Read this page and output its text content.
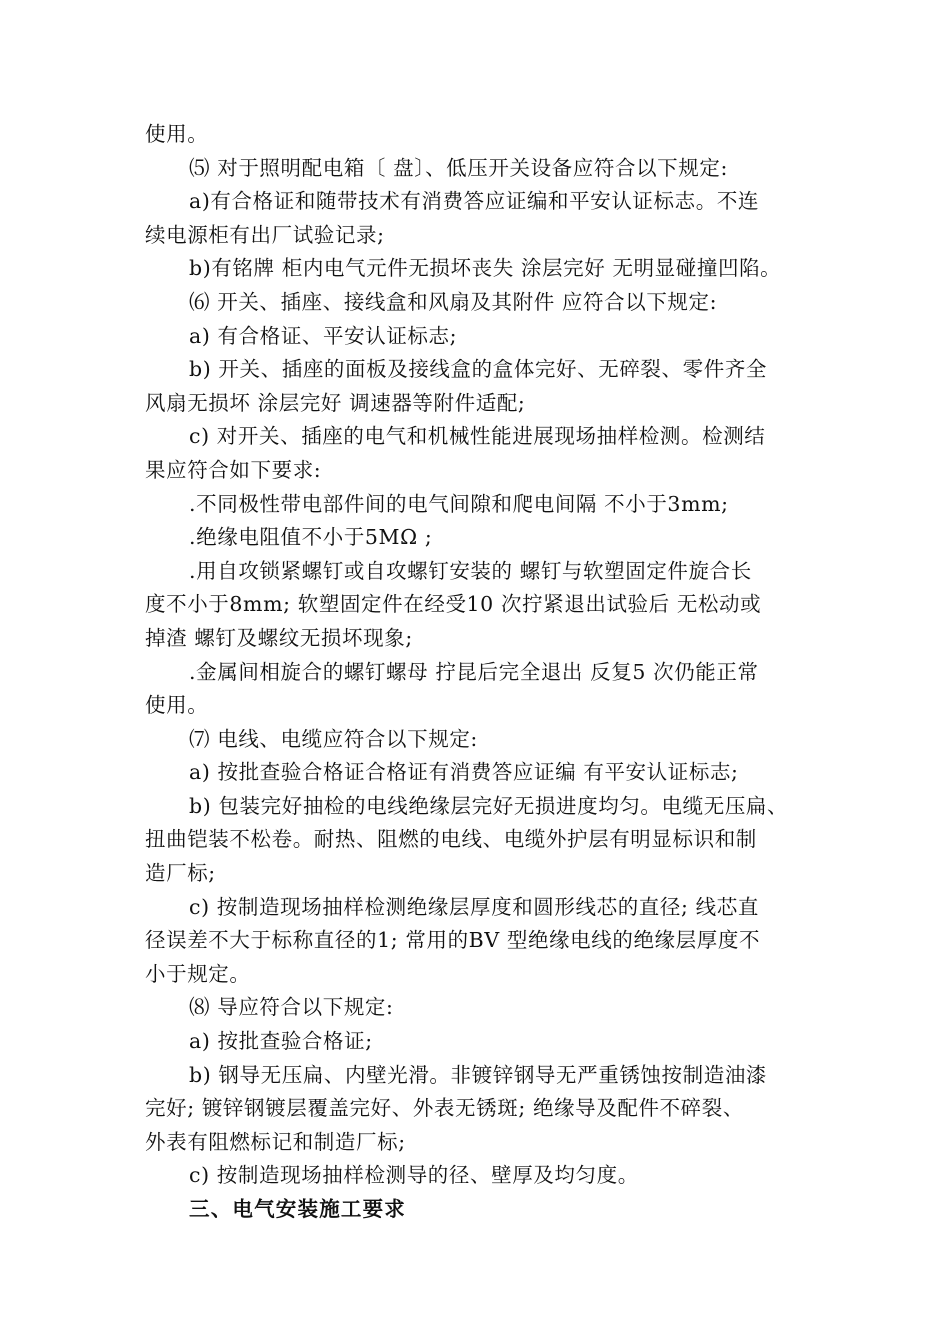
使用。
⑸ 对于照明配电箱〔 盘〕、低压开关设备应符合以下规定:
a)有合格证和随带技术有消费答应证编和平安认证标志。不连
续电源柜有出厂试验记录;
b)有铭牌 柜内电气元件无损坏丧失 涂层完好 无明显碰撞凹陷。
⑹ 开关、插座、接线盒和风扇及其附件 应符合以下规定:
a) 有合格证、平安认证标志;
b) 开关、插座的面板及接线盒的盒体完好、无碎裂、零件齐全
风扇无损坏 涂层完好 调速器等附件适配;
c) 对开关、插座的电气和机械性能进展现场抽样检测。检测结
果应符合如下要求:
.不同极性带电部件间的电气间隙和爬电间隔 不小于3mm;
.绝缘电阻值不小于5MΩ ;
.用自攻锁紧螺钉或自攻螺钉安装的 螺钉与软塑固定件旋合长
度不小于8mm; 软塑固定件在经受10 次拧紧退出试验后 无松动或
掉渣 螺钉及螺纹无损坏现象;
.金属间相旋合的螺钉螺母 拧昆后完全退出 反复5 次仍能正常
使用。
⑺ 电线、电缆应符合以下规定:
a) 按批查验合格证合格证有消费答应证编 有平安认证标志;
b) 包装完好抽检的电线绝缘层完好无损进度均匀。电缆无压扁、
扭曲铠装不松卷。耐热、阻燃的电线、电缆外护层有明显标识和制
造厂标;
c) 按制造现场抽样检测绝缘层厚度和圆形线芯的直径; 线芯直
径误差不大于标称直径的1; 常用的BV 型绝缘电线的绝缘层厚度不
小于规定。
⑻ 导应符合以下规定:
a) 按批查验合格证;
b) 钢导无压扁、内壁光滑。非镀锌钢导无严重锈蚀按制造油漆
完好; 镀锌钢镀层覆盖完好、外表无锈斑; 绝缘导及配件不碎裂、
外表有阻燃标记和制造厂标;
c) 按制造现场抽样检测导的径、壁厚及均匀度。
三、电气安装施工要求
